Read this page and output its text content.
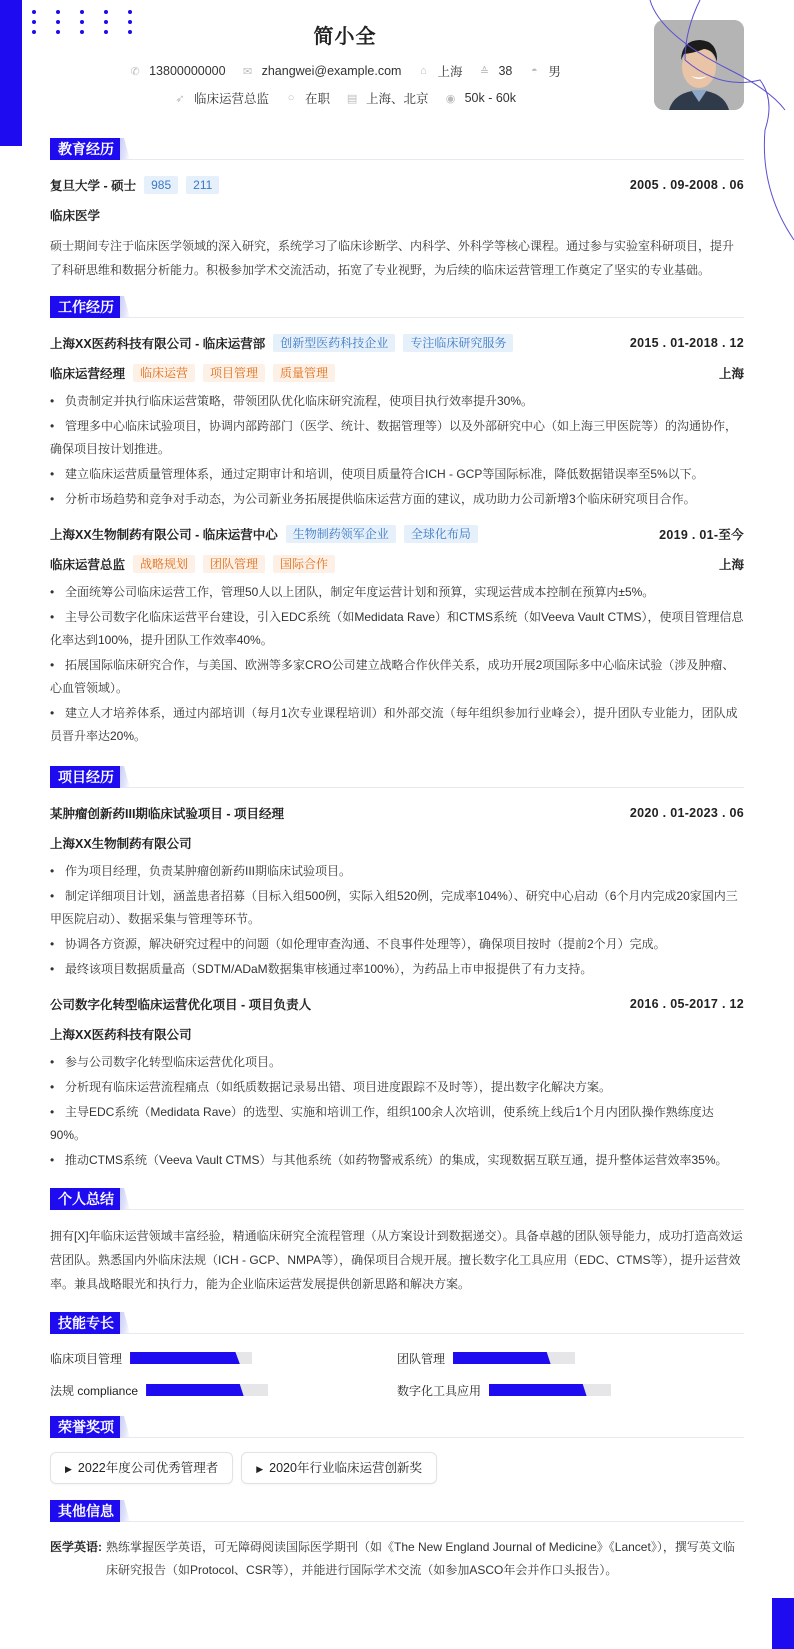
简小全
✆ 13800000000 ✉ zhangwei@example.com ⌂ 上海 ≙ 38 ◓ 男
➶ 临床运营总监 ○ 在职 ▤ 上海、北京 ◉ 50k - 60k
教育经历
复旦大学 - 硕士	985	211	2005 . 09-2008 . 06
临床医学
硕士期间专注于临床医学领域的深入研究，系统学习了临床诊断学、内科学、外科学等核心课程。通过参与实验室科研项目，提升了科研思维和数据分析能力。积极参加学术交流活动，拓宽了专业视野，为后续的临床运营管理工作奠定了坚实的专业基础。
工作经历
上海XX医药科技有限公司 - 临床运营部	创新型医药科技企业	专注临床研究服务	2015 . 01-2018 . 12
临床运营经理	临床运营	项目管理	质量管理	上海
• 负责制定并执行临床运营策略，带领团队优化临床研究流程，使项目执行效率提升30%。
• 管理多中心临床试验项目，协调内部跨部门（医学、统计、数据管理等）以及外部研究中心（如上海三甲医院等）的沟通协作，确保项目按计划推进。
• 建立临床运营质量管理体系，通过定期审计和培训，使项目质量符合ICH - GCP等国际标准，降低数据错误率至5%以下。
• 分析市场趋势和竞争对手动态，为公司新业务拓展提供临床运营方面的建议，成功助力公司新增3个临床研究项目合作。
上海XX生物制药有限公司 - 临床运营中心	生物制药领军企业	全球化布局	2019 . 01-至今
临床运营总监	战略规划	团队管理	国际合作	上海
• 全面统筹公司临床运营工作，管理50人以上团队，制定年度运营计划和预算，实现运营成本控制在预算内±5%。
• 主导公司数字化临床运营平台建设，引入EDC系统（如Medidata Rave）和CTMS系统（如Veeva Vault CTMS），使项目管理信息化率达到100%，提升团队工作效率40%。
• 拓展国际临床研究合作，与美国、欧洲等多家CRO公司建立战略合作伙伴关系，成功开展2项国际多中心临床试验（涉及肿瘤、心血管领域）。
• 建立人才培养体系，通过内部培训（每月1次专业课程培训）和外部交流（每年组织参加行业峰会），提升团队专业能力，团队成员晋升率达20%。
项目经历
某肿瘤创新药III期临床试验项目 - 项目经理	2020 . 01-2023 . 06
上海XX生物制药有限公司
• 作为项目经理，负责某肿瘤创新药III期临床试验项目。
• 制定详细项目计划，涵盖患者招募（目标入组500例，实际入组520例，完成率104%）、研究中心启动（6个月内完成20家国内三甲医院启动）、数据采集与管理等环节。
• 协调各方资源，解决研究过程中的问题（如伦理审查沟通、不良事件处理等），确保项目按时（提前2个月）完成。
• 最终该项目数据质量高（SDTM/ADaM数据集审核通过率100%），为药品上市申报提供了有力支持。
公司数字化转型临床运营优化项目 - 项目负责人	2016 . 05-2017 . 12
上海XX医药科技有限公司
• 参与公司数字化转型临床运营优化项目。
• 分析现有临床运营流程痛点（如纸质数据记录易出错、项目进度跟踪不及时等），提出数字化解决方案。
• 主导EDC系统（Medidata Rave）的选型、实施和培训工作，组织100余人次培训，使系统上线后1个月内团队操作熟练度达90%。
• 推动CTMS系统（Veeva Vault CTMS）与其他系统（如药物警戒系统）的集成，实现数据互联互通，提升整体运营效率35%。
个人总结
拥有[X]年临床运营领域丰富经验，精通临床研究全流程管理（从方案设计到数据递交）。具备卓越的团队领导能力，成功打造高效运营团队。熟悉国内外临床法规（ICH - GCP、NMPA等），确保项目合规开展。擅长数字化工具应用（EDC、CTMS等），提升运营效率。兼具战略眼光和执行力，能为企业临床运营发展提供创新思路和解决方案。
技能专长
临床项目管理	团队管理
法规 compliance	数字化工具应用
荣誉奖项
▶ 2022年度公司优秀管理者	▶ 2020年行业临床运营创新奖
其他信息
医学英语: 熟练掌握医学英语，可无障碍阅读国际医学期刊（如《The New England Journal of Medicine》《Lancet》），撰写英文临床研究报告（如Protocol、CSR等），并能进行国际学术交流（如参加ASCO年会并作口头报告）。
